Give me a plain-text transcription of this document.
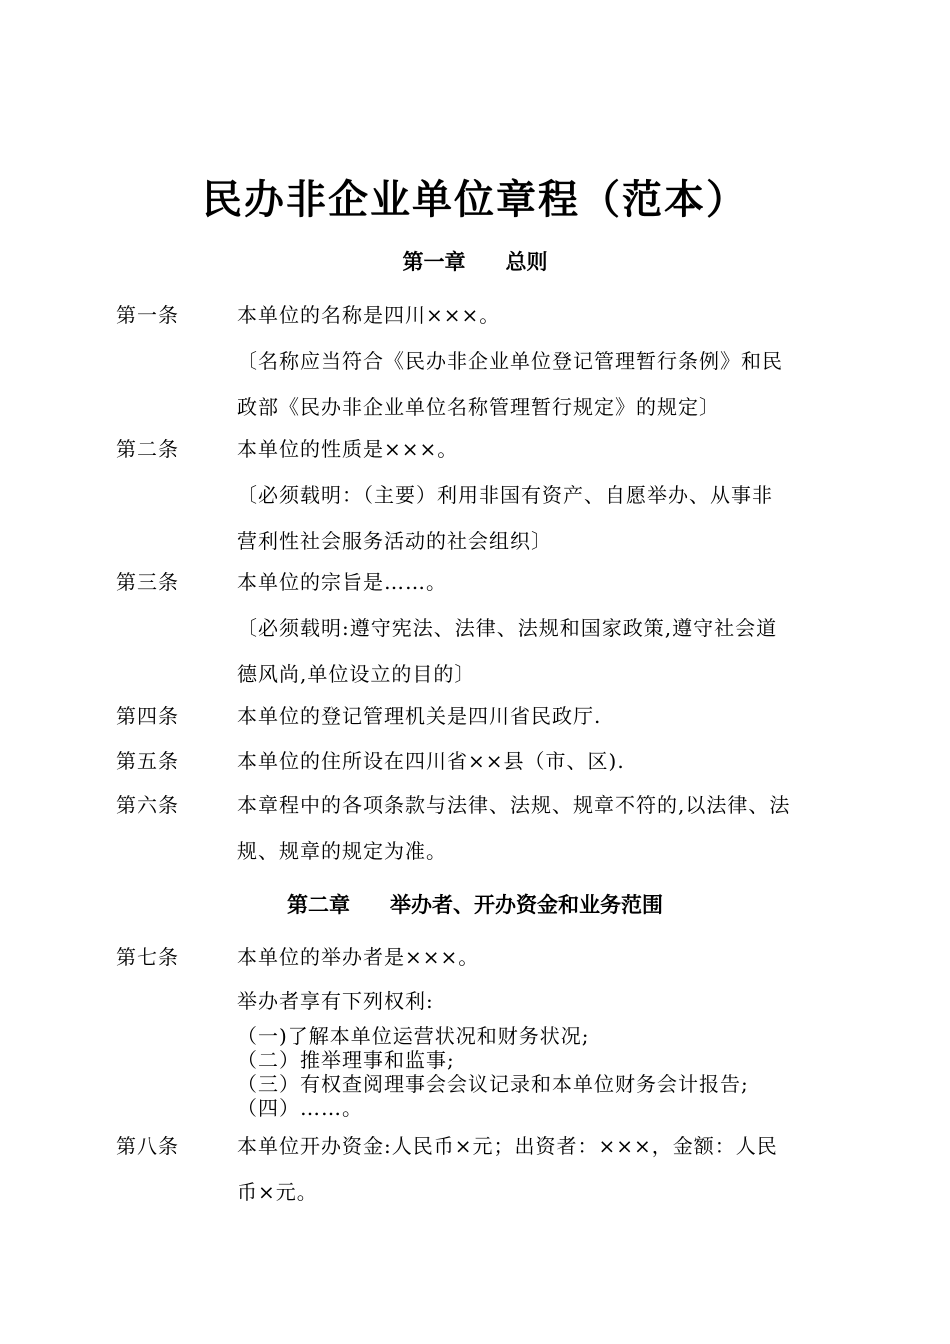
民办非企业单位章程（范本）
第一章 总则
第一条	本单位的名称是四川×××。

〔名称应当符合《民办非企业单位登记管理暂行条例》和民

政部《民办非企业单位名称管理暂行规定》的规定〕

第二条	本单位的性质是×××。

〔必须载明：（主要）利用非国有资产、自愿举办、从事非

营利性社会服务活动的社会组织〕

第三条	本单位的宗旨是……。

〔必须载明:遵守宪法、法律、法规和国家政策,遵守社会道

德风尚,单位设立的目的〕

第四条	本单位的登记管理机关是四川省民政厅.

第五条	本单位的住所设在四川省××县（市、区).

第六条	本章程中的各项条款与法律、法规、规章不符的,以法律、法

规、规章的规定为准。

第二章 举办者、开办资金和业务范围
第七条	本单位的举办者是×××。

举办者享有下列权利:

（一)了解本单位运营状况和财务状况;

（二）推举理事和监事;

（三）有权查阅理事会会议记录和本单位财务会计报告;

（四）……。

第八条	本单位开办资金:人民币×元；出资者：×××，金额：人民

币×元。
